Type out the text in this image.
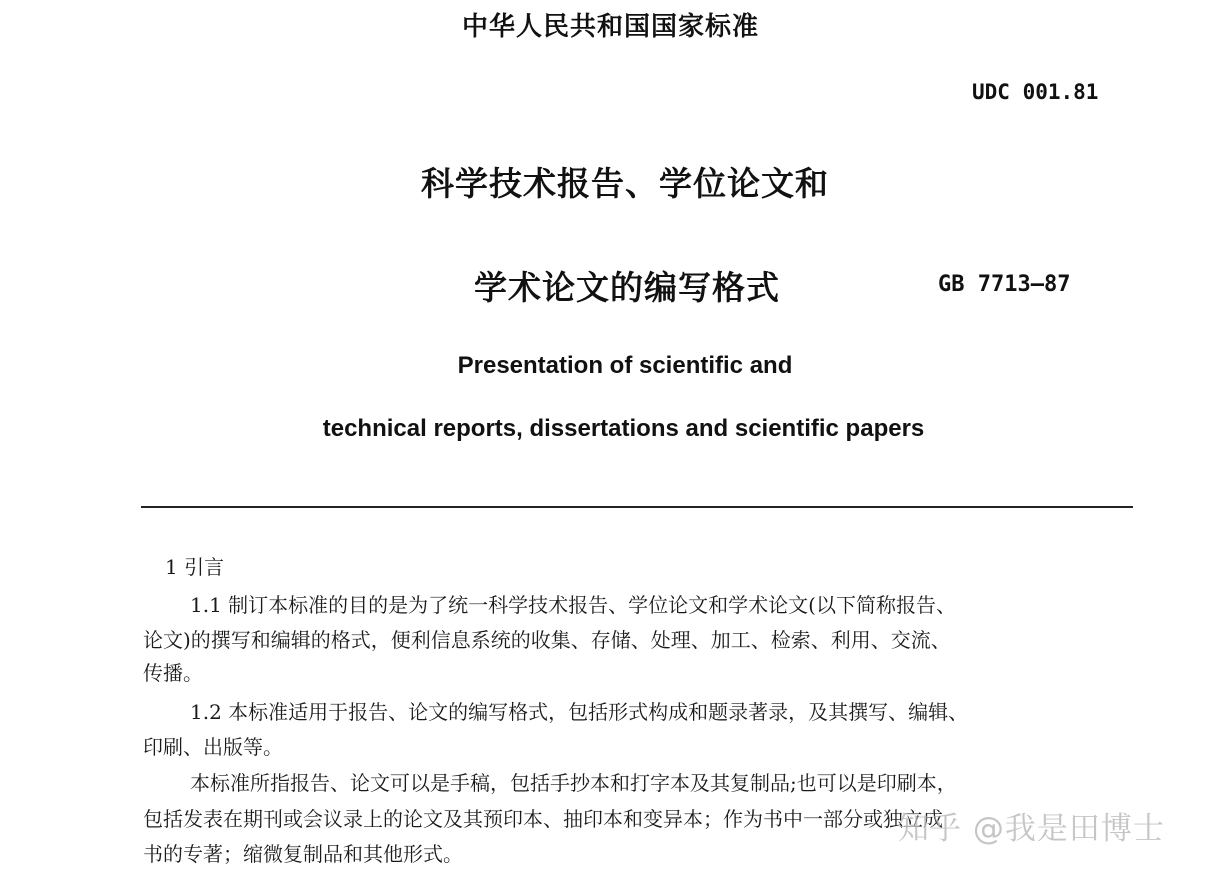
中华人民共和国国家标准
UDC 001.81
科学技术报告、学位论文和
学术论文的编写格式	GB 7713—87
Presentation of scientific and
technical reports, dissertations and scientific papers
1 引言
1.1 制订本标准的目的是为了统一科学技术报告、学位论文和学术论文(以下简称报告、
论文)的撰写和编辑的格式，便利信息系统的收集、存储、处理、加工、检索、利用、交流、
传播。
1.2 本标准适用于报告、论文的编写格式，包括形式构成和题录著录，及其撰写、编辑、
印刷、出版等。
本标准所指报告、论文可以是手稿，包括手抄本和打字本及其复制品;也可以是印刷本，
包括发表在期刊或会议录上的论文及其预印本、抽印本和变异本；作为书中一部分或独立成
书的专著；缩微复制品和其他形式。
知乎 @我是田博士
